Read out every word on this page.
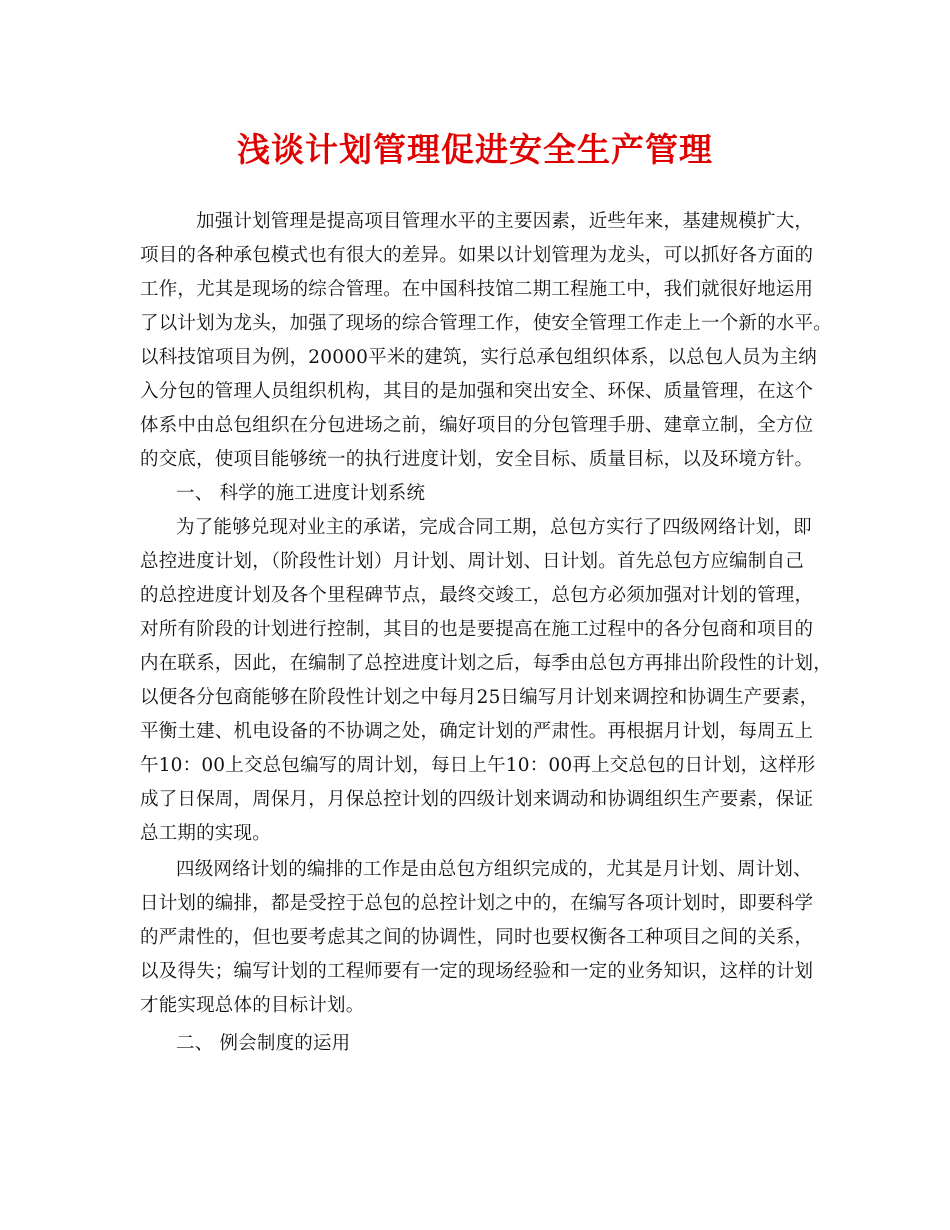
浅谈计划管理促进安全生产管理
加强计划管理是提高项目管理水平的主要因素，近些年来，基建规模扩大，
项目的各种承包模式也有很大的差异。如果以计划管理为龙头，可以抓好各方面的
工作，尤其是现场的综合管理。在中国科技馆二期工程施工中，我们就很好地运用
了以计划为龙头，加强了现场的综合管理工作，使安全管理工作走上一个新的水平。
以科技馆项目为例，20000平米的建筑，实行总承包组织体系，以总包人员为主纳
入分包的管理人员组织机构，其目的是加强和突出安全、环保、质量管理，在这个
体系中由总包组织在分包进场之前，编好项目的分包管理手册、建章立制，全方位
的交底，使项目能够统一的执行进度计划，安全目标、质量目标，以及环境方针。
一、 科学的施工进度计划系统
为了能够兑现对业主的承诺，完成合同工期，总包方实行了四级网络计划，即
总控进度计划，（阶段性计划）月计划、周计划、日计划。首先总包方应编制自己
的总控进度计划及各个里程碑节点，最终交竣工，总包方必须加强对计划的管理，
对所有阶段的计划进行控制，其目的也是要提高在施工过程中的各分包商和项目的
内在联系，因此，在编制了总控进度计划之后，每季由总包方再排出阶段性的计划，
以便各分包商能够在阶段性计划之中每月25日编写月计划来调控和协调生产要素，
平衡土建、机电设备的不协调之处，确定计划的严肃性。再根据月计划，每周五上
午10：00上交总包编写的周计划，每日上午10：00再上交总包的日计划，这样形
成了日保周，周保月，月保总控计划的四级计划来调动和协调组织生产要素，保证
总工期的实现。
四级网络计划的编排的工作是由总包方组织完成的，尤其是月计划、周计划、
日计划的编排，都是受控于总包的总控计划之中的，在编写各项计划时，即要科学
的严肃性的，但也要考虑其之间的协调性，同时也要权衡各工种项目之间的关系，
以及得失；编写计划的工程师要有一定的现场经验和一定的业务知识，这样的计划
才能实现总体的目标计划。
二、 例会制度的运用
